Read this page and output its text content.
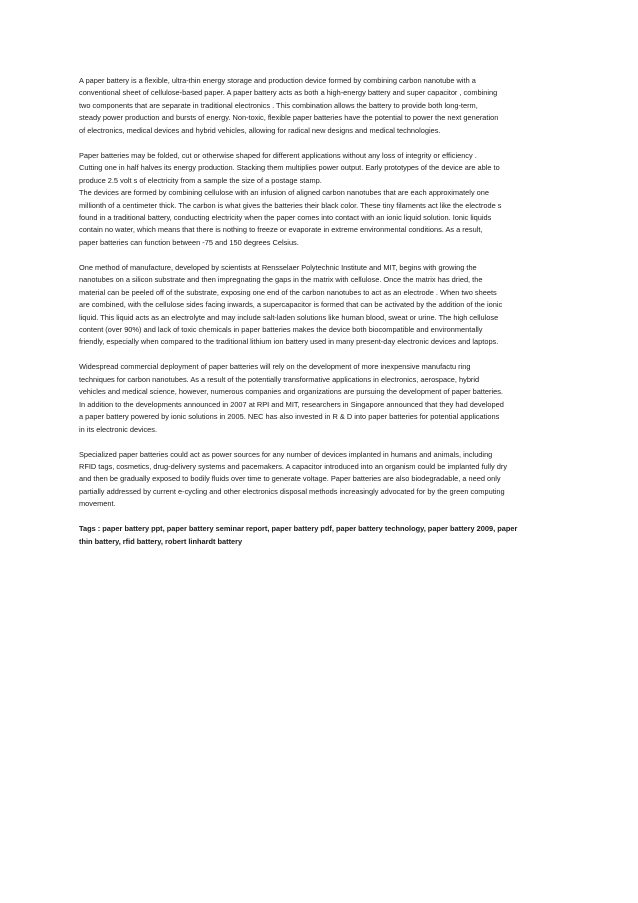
A paper battery is a flexible, ultra-thin energy storage and production device formed by combining carbon nanotube with a
conventional sheet of cellulose-based paper. A paper battery acts as both a high-energy battery and super capacitor , combining
two components that are separate in traditional electronics . This combination allows the battery to provide both long-term,
steady power production and bursts of energy. Non-toxic, flexible paper batteries have the potential to power the next generation
of electronics, medical devices and hybrid vehicles, allowing for radical new designs and medical technologies.
Paper batteries may be folded, cut or otherwise shaped for different applications without any loss of integrity or efficiency .
Cutting one in half halves its energy production. Stacking them multiplies power output. Early prototypes of the device are able to
produce 2.5 volt s of electricity from a sample the size of a postage stamp.
The devices are formed by combining cellulose with an infusion of aligned carbon nanotubes that are each approximately one
millionth of a centimeter thick. The carbon is what gives the batteries their black color. These tiny filaments act like the electrode s
found in a traditional battery, conducting electricity when the paper comes into contact with an ionic liquid solution. Ionic liquids
contain no water, which means that there is nothing to freeze or evaporate in extreme environmental conditions. As a result,
paper batteries can function between -75 and 150 degrees Celsius.
One method of manufacture, developed by scientists at Rensselaer Polytechnic Institute and MIT, begins with growing the
nanotubes on a silicon substrate and then impregnating the gaps in the matrix with cellulose. Once the matrix has dried, the
material can be peeled off of the substrate, exposing one end of the carbon nanotubes to act as an electrode . When two sheets
are combined, with the cellulose sides facing inwards, a supercapacitor is formed that can be activated by the addition of the ionic
liquid. This liquid acts as an electrolyte and may include salt-laden solutions like human blood, sweat or urine. The high cellulose
content (over 90%) and lack of toxic chemicals in paper batteries makes the device both biocompatible and environmentally
friendly, especially when compared to the traditional lithium ion battery used in many present-day electronic devices and laptops.
Widespread commercial deployment of paper batteries will rely on the development of more inexpensive manufactu ring
techniques for carbon nanotubes. As a result of the potentially transformative applications in electronics, aerospace, hybrid
vehicles and medical science, however, numerous companies and organizations are pursuing the development of paper batteries.
In addition to the developments announced in 2007 at RPI and MIT, researchers in Singapore announced that they had developed
a paper battery powered by ionic solutions in 2005. NEC has also invested in R & D into paper batteries for potential applications
in its electronic devices.
Specialized paper batteries could act as power sources for any number of devices implanted in humans and animals, including
RFID tags, cosmetics, drug-delivery systems and pacemakers. A capacitor introduced into an organism could be implanted fully dry
and then be gradually exposed to bodily fluids over time to generate voltage. Paper batteries are also biodegradable, a need only
partially addressed by current e-cycling and other electronics disposal methods increasingly advocated for by the green computing
movement.
Tags : paper battery ppt, paper battery seminar report, paper battery pdf, paper battery technology, paper battery 2009, paper
thin battery, rfid battery, robert linhardt battery
